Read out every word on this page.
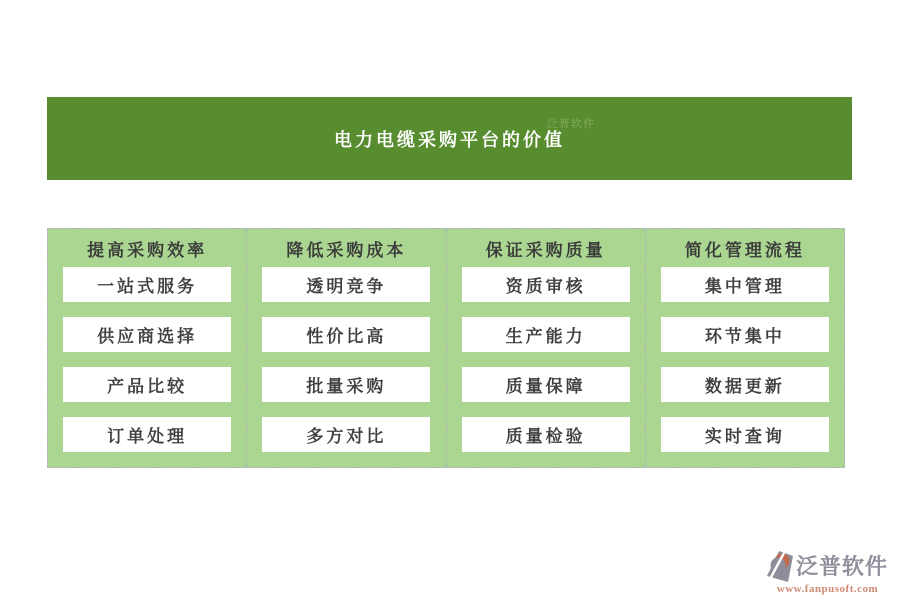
泛普软件
电力电缆采购平台的价值
提高采购效率
一站式服务
供应商选择
产品比较
订单处理
降低采购成本
透明竞争
性价比高
批量采购
多方对比
保证采购质量
资质审核
生产能力
质量保障
质量检验
简化管理流程
集中管理
环节集中
数据更新
实时查询
泛普软件
www.fanpusoft.com
